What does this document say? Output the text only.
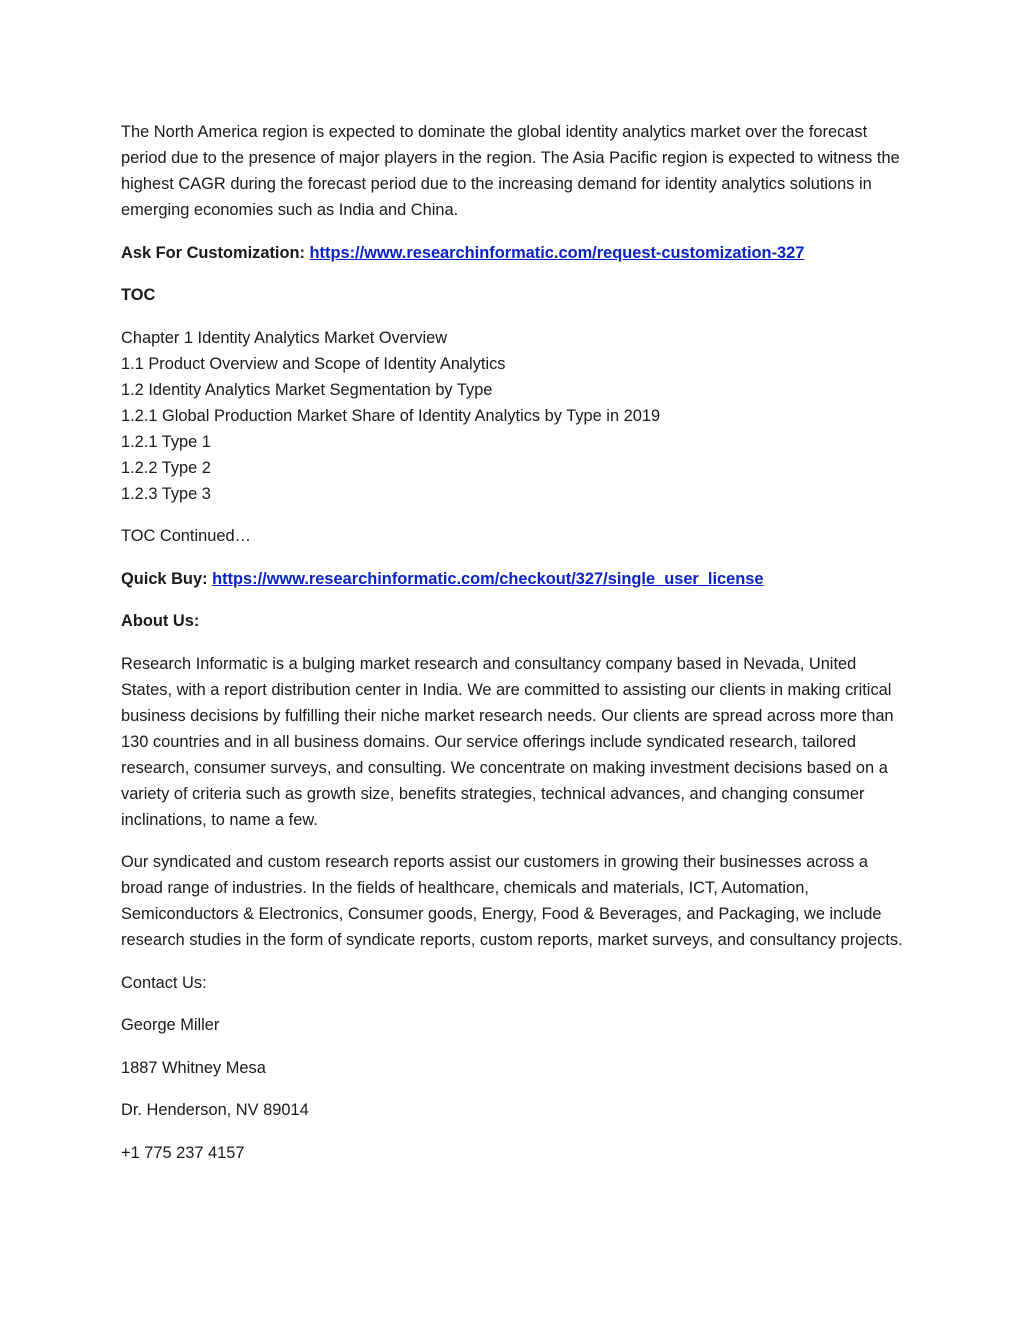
The North America region is expected to dominate the global identity analytics market over the forecast period due to the presence of major players in the region. The Asia Pacific region is expected to witness the highest CAGR during the forecast period due to the increasing demand for identity analytics solutions in emerging economies such as India and China.

Ask For Customization: https://www.researchinformatic.com/request-customization-327

TOC

Chapter 1 Identity Analytics Market Overview
1.1 Product Overview and Scope of Identity Analytics
1.2 Identity Analytics Market Segmentation by Type
1.2.1 Global Production Market Share of Identity Analytics by Type in 2019
1.2.1 Type 1
1.2.2 Type 2
1.2.3 Type 3

TOC Continued…

Quick Buy: https://www.researchinformatic.com/checkout/327/single_user_license

About Us:

Research Informatic is a bulging market research and consultancy company based in Nevada, United States, with a report distribution center in India. We are committed to assisting our clients in making critical business decisions by fulfilling their niche market research needs. Our clients are spread across more than 130 countries and in all business domains. Our service offerings include syndicated research, tailored research, consumer surveys, and consulting. We concentrate on making investment decisions based on a variety of criteria such as growth size, benefits strategies, technical advances, and changing consumer inclinations, to name a few.

Our syndicated and custom research reports assist our customers in growing their businesses across a broad range of industries. In the fields of healthcare, chemicals and materials, ICT, Automation, Semiconductors & Electronics, Consumer goods, Energy, Food & Beverages, and Packaging, we include research studies in the form of syndicate reports, custom reports, market surveys, and consultancy projects.

Contact Us:

George Miller

1887 Whitney Mesa

Dr. Henderson, NV 89014

+1 775 237 4157
